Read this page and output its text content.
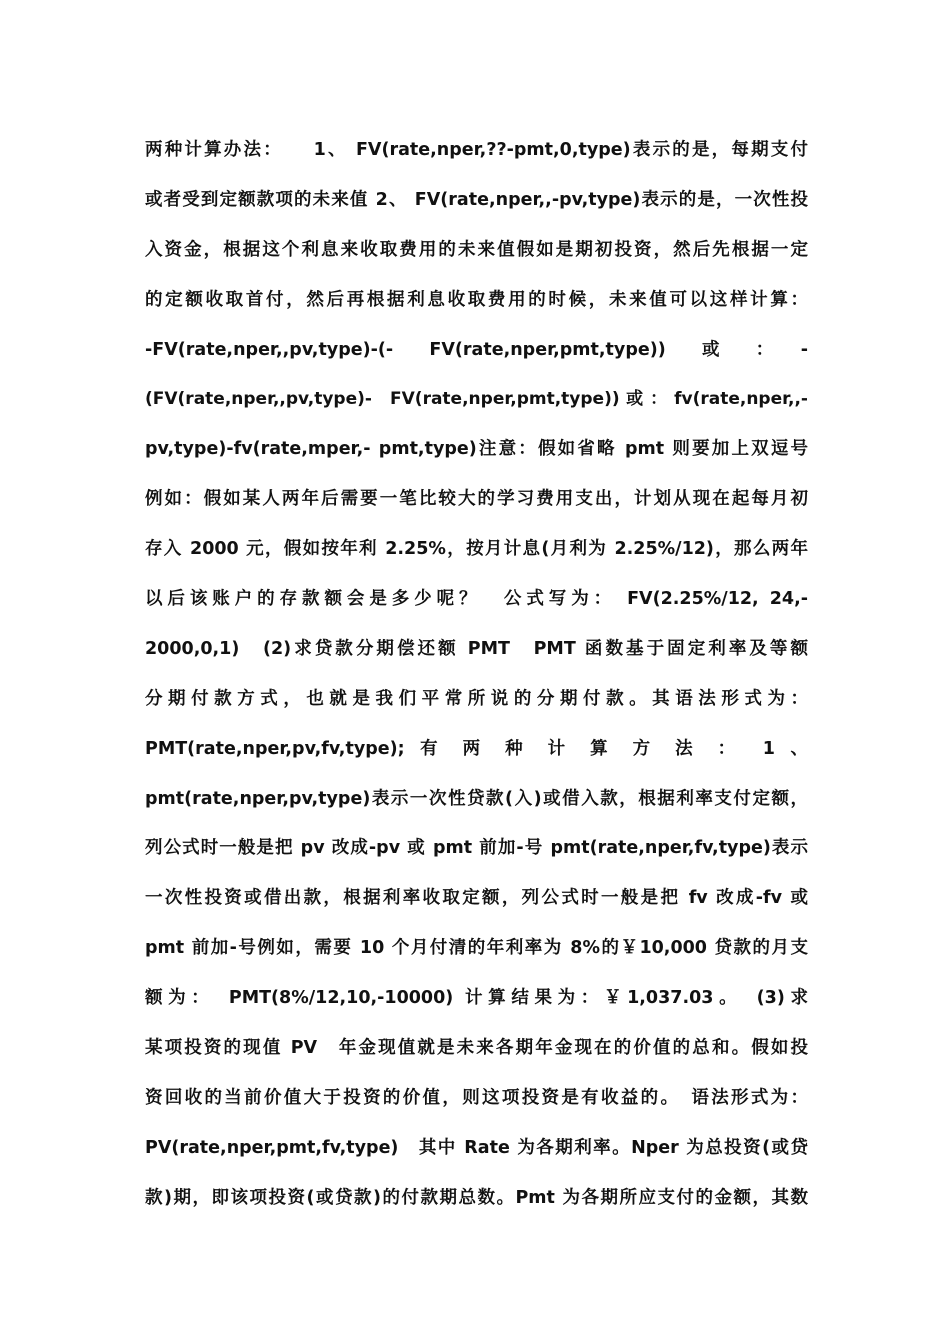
两种计算办法：　　1、 FV(rate,nper,??-pmt,0,type)表示的是，每期支付
或者受到定额款项的未来值 2、 FV(rate,nper,,-pv,type)表示的是，一次性投
入资金，根据这个利息来收取费用的未来值假如是期初投资，然后先根据一定
的定额收取首付，然后再根据利息收取费用的时候，未来值可以这样计算：
-FV(rate,nper,,pv,type)-(-　FV(rate,nper,pmt,type))　或　：　-
(FV(rate,nper,,pv,type)-　FV(rate,nper,pmt,type)) 或 ： fv(rate,nper,,-
pv,type)-fv(rate,mper,- pmt,type)注意：假如省略 pmt 则要加上双逗号
例如：假如某人两年后需要一笔比较大的学习费用支出，计划从现在起每月初
存入 2000 元，假如按年利 2.25%，按月计息(月利为 2.25%/12)，那么两年
以后该账户的存款额会是多少呢？　公式写为： FV(2.25%/12, 24,-
2000,0,1)　(2)求贷款分期偿还额 PMT　PMT 函数基于固定利率及等额
分期付款方式，也就是我们平常所说的分期付款。其语法形式为：
PMT(rate,nper,pv,fv,type); 有 两 种 计 算 方 法 ：　1 、
pmt(rate,nper,pv,type)表示一次性贷款(入)或借入款，根据利率支付定额，
列公式时一般是把 pv 改成-pv 或 pmt 前加-号 pmt(rate,nper,fv,type)表示
一次性投资或借出款，根据利率收取定额，列公式时一般是把 fv 改成-fv 或
pmt 前加-号例如，需要 10 个月付清的年利率为 8%的￥10,000 贷款的月支
额为：　PMT(8%/12,10,-10000) 计算结果为：￥1,037.03。　(3)求
某项投资的现值 PV　年金现值就是未来各期年金现在的价值的总和。假如投
资回收的当前价值大于投资的价值，则这项投资是有收益的。　语法形式为：
PV(rate,nper,pmt,fv,type)　其中 Rate 为各期利率。Nper 为总投资(或贷
款)期，即该项投资(或贷款)的付款期总数。Pmt 为各期所应支付的金额，其数
